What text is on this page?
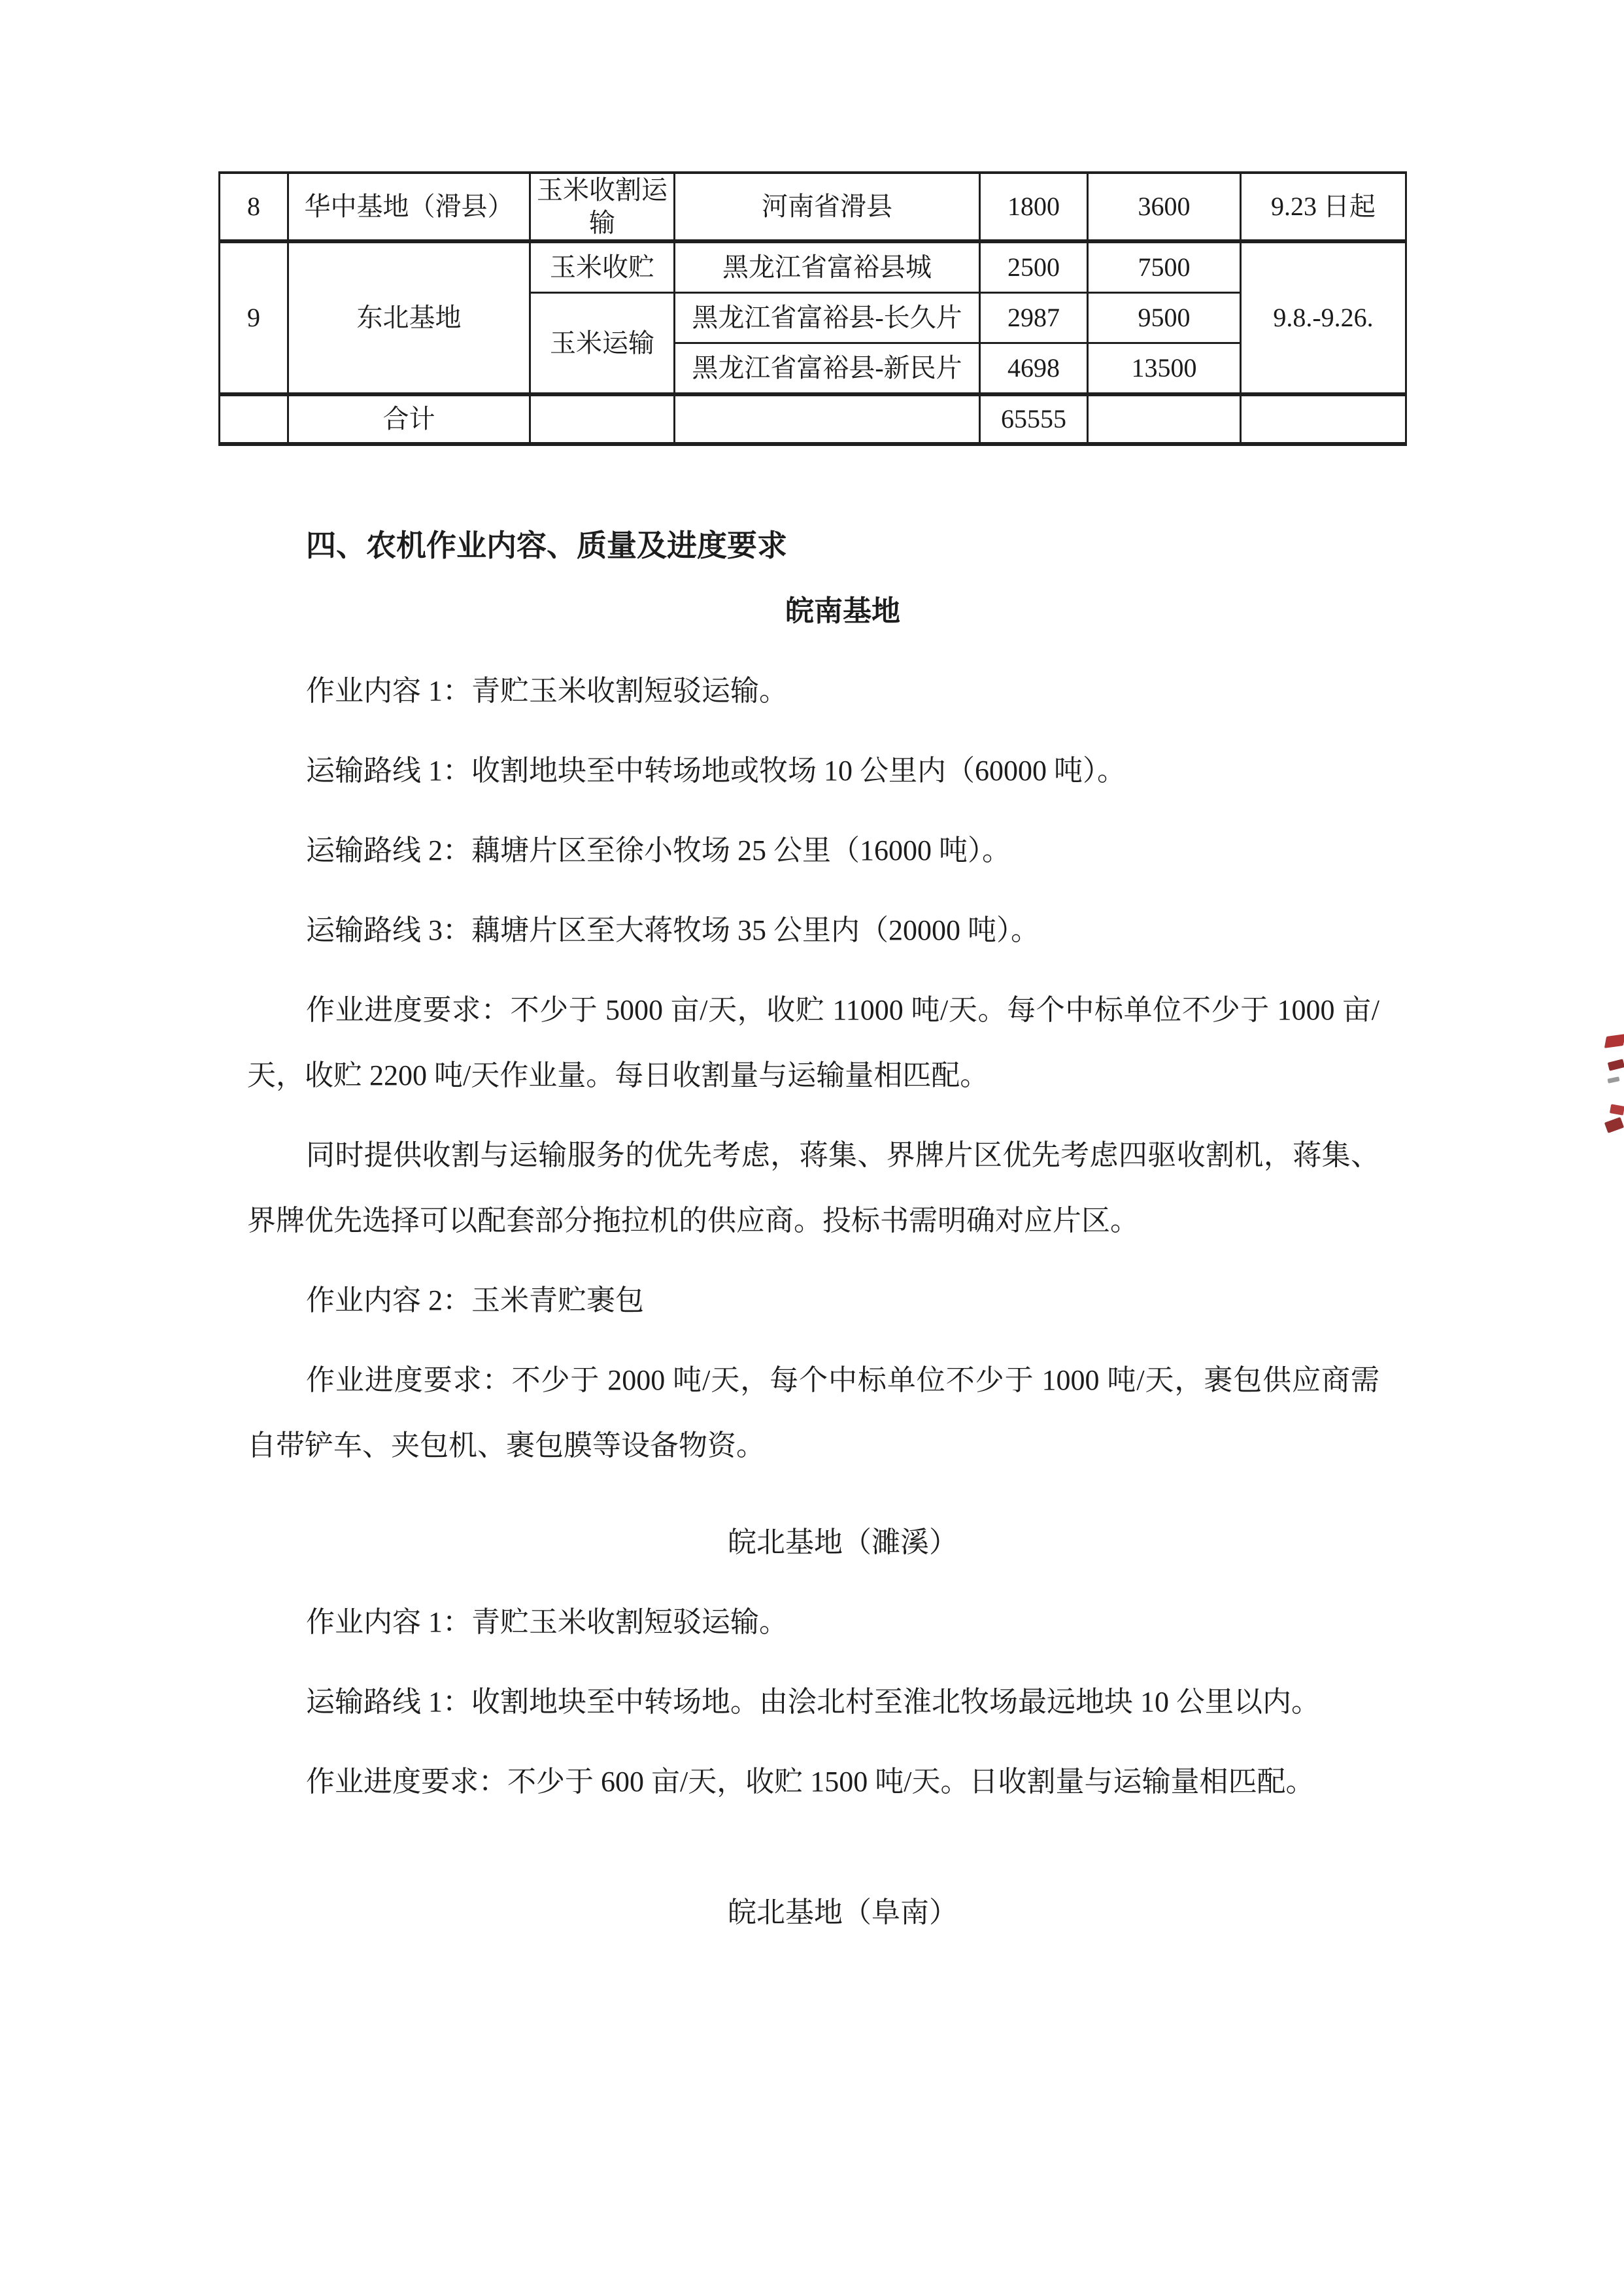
8	华中基地（滑县）	玉米收割运输	河南省滑县	1800	3600	9.23 日起
9	东北基地	玉米收贮	黑龙江省富裕县城	2500	7500	9.8.-9.26.
		玉米运输	黑龙江省富裕县-长久片	2987	9500	
			黑龙江省富裕县-新民片	4698	13500	
	合计			65555		

四、农机作业内容、质量及进度要求

皖南基地

作业内容 1：青贮玉米收割短驳运输。

运输路线 1：收割地块至中转场地或牧场 10 公里内（60000 吨）。

运输路线 2：藕塘片区至徐小牧场 25 公里（16000 吨）。

运输路线 3：藕塘片区至大蒋牧场 35 公里内（20000 吨）。

作业进度要求：不少于 5000 亩/天，收贮 11000 吨/天。每个中标单位不少于 1000 亩/天，收贮 2200 吨/天作业量。每日收割量与运输量相匹配。

同时提供收割与运输服务的优先考虑，蒋集、界牌片区优先考虑四驱收割机，蒋集、界牌优先选择可以配套部分拖拉机的供应商。投标书需明确对应片区。

作业内容 2：玉米青贮裹包

作业进度要求：不少于 2000 吨/天，每个中标单位不少于 1000 吨/天，裹包供应商需自带铲车、夹包机、裹包膜等设备物资。

皖北基地（濉溪）

作业内容 1：青贮玉米收割短驳运输。

运输路线 1：收割地块至中转场地。由浍北村至淮北牧场最远地块 10 公里以内。

作业进度要求：不少于 600 亩/天，收贮 1500 吨/天。日收割量与运输量相匹配。

皖北基地（阜南）
